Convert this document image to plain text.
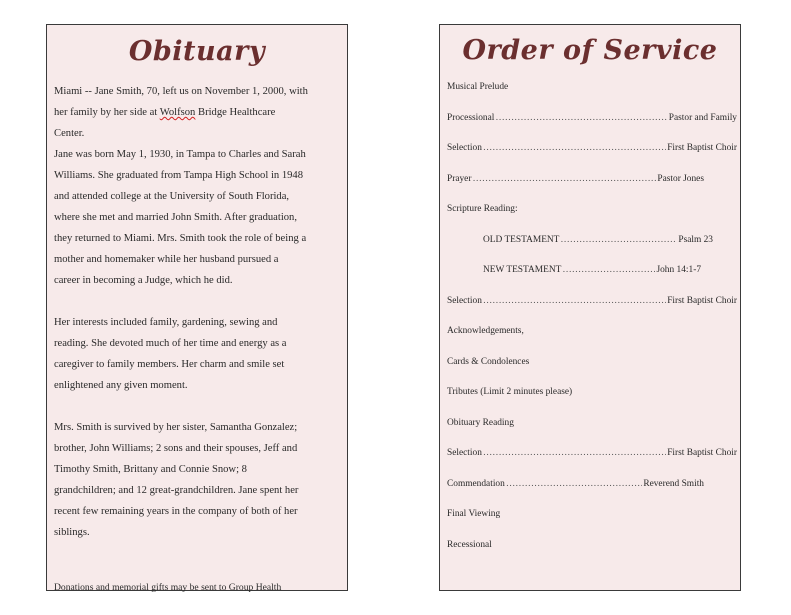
Obituary

Miami -- Jane Smith, 70, left us on November 1, 2000, with

her family by her side at Wolfson Bridge Healthcare

Center.

Jane was born May 1, 1930, in Tampa to Charles and Sarah

Williams. She graduated from Tampa High School in 1948

and attended college at the University of South Florida,

where she met and married John Smith. After graduation,

they returned to Miami. Mrs. Smith took the role of being a

mother and homemaker while her husband pursued a

career in becoming a Judge, which he did.

Her interests included family, gardening, sewing and

reading. She devoted much of her time and energy as a

caregiver to family members. Her charm and smile set

enlightened any given moment.

Mrs. Smith is survived by her sister, Samantha Gonzalez;

brother, John Williams; 2 sons and their spouses, Jeff and

Timothy Smith, Brittany and Connie Snow; 8

grandchildren; and 12 great-grandchildren. Jane spent her

recent few remaining years in the company of both of her

siblings.

Donations and memorial gifts may be sent to Group Health
Order of Service
Musical Prelude
Processional ………………………………………………………………………………………………………	Pastor and Family
Selection ………………………………………………………………………………………………………	First Baptist Choir
Prayer ………………………………………………………………………………………………………	Pastor Jones
Scripture Reading:
OLD TESTAMENT ………………………………………………………………………………………………………	Psalm 23
NEW TESTAMENT ………………………………………………………………………………………………………	John 14:1-7
Selection ………………………………………………………………………………………………………	First Baptist Choir
Acknowledgements,
Cards & Condolences
Tributes (Limit 2 minutes please)
Obituary Reading
Selection ………………………………………………………………………………………………………	First Baptist Choir
Commendation ………………………………………………………………………………………………………	Reverend Smith
Final Viewing
Recessional
